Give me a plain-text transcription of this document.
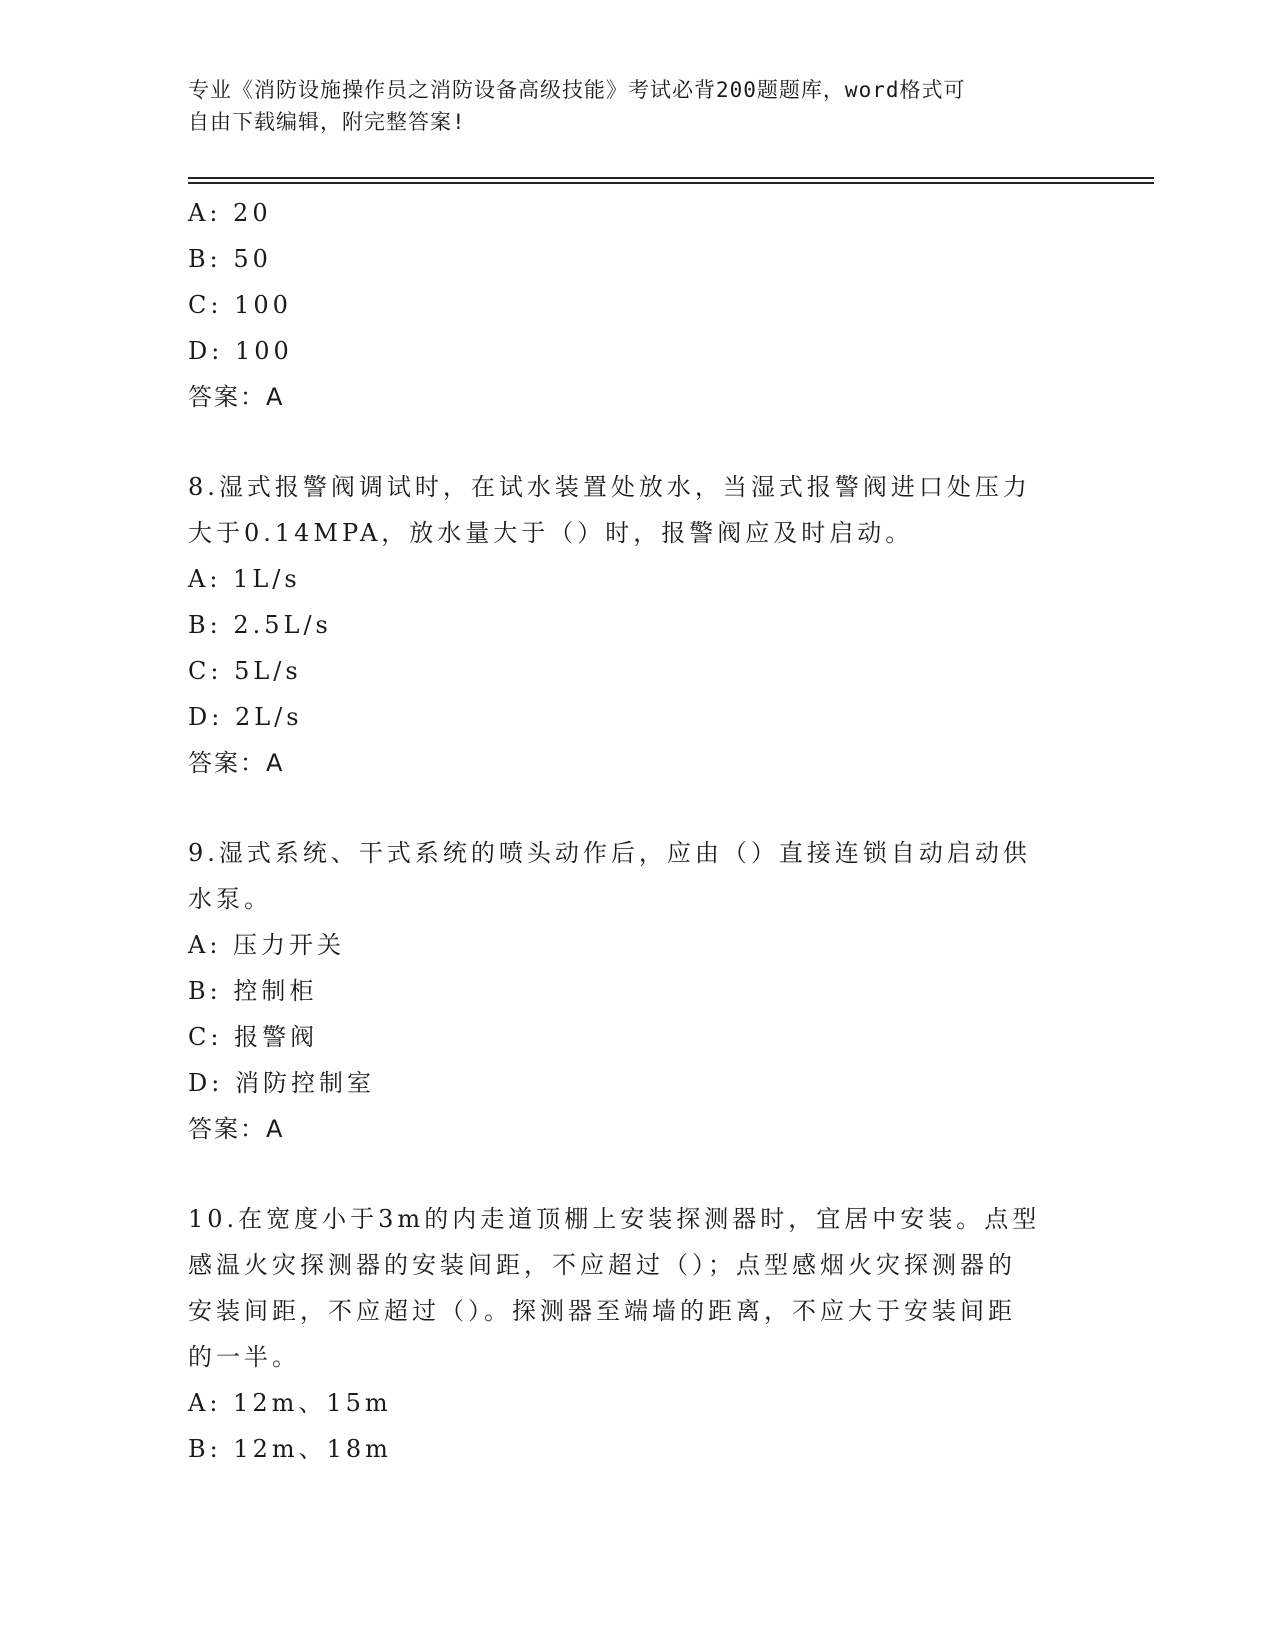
专业《消防设施操作员之消防设备高级技能》考试必背200题题库，word格式可
自由下载编辑，附完整答案!
A: 20
B: 50
C: 100
D: 100
答案：A
8.湿式报警阀调试时，在试水装置处放水，当湿式报警阀进口处压力
大于0.14MPA，放水量大于（）时，报警阀应及时启动。
A: 1L/s
B: 2.5L/s
C: 5L/s
D: 2L/s
答案：A
9.湿式系统、干式系统的喷头动作后，应由（）直接连锁自动启动供
水泵。
A: 压力开关
B: 控制柜
C: 报警阀
D: 消防控制室
答案：A
10.在宽度小于3m的内走道顶棚上安装探测器时，宜居中安装。点型
感温火灾探测器的安装间距，不应超过（）；点型感烟火灾探测器的
安装间距，不应超过（）。探测器至端墙的距离，不应大于安装间距
的一半。
A: 12m、15m
B: 12m、18m
